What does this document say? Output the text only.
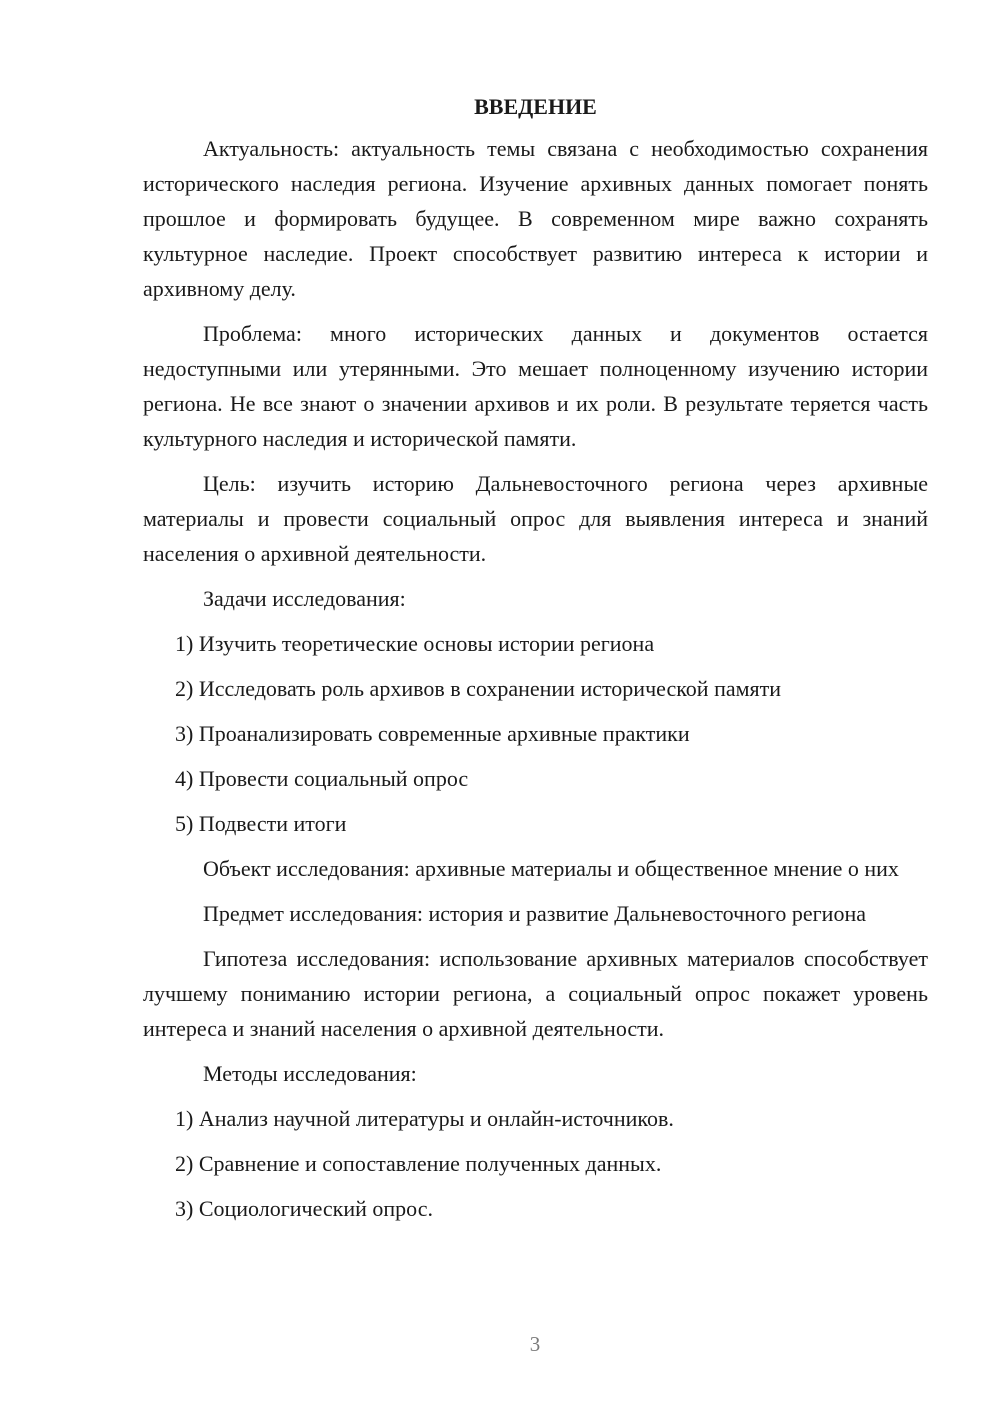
ВВЕДЕНИЕ

Актуальность: актуальность темы связана с необходимостью сохранения исторического наследия региона. Изучение архивных данных помогает понять прошлое и формировать будущее. В современном мире важно сохранять культурное наследие. Проект способствует развитию интереса к истории и архивному делу.

Проблема: много исторических данных и документов остается недоступными или утерянными. Это мешает полноценному изучению истории региона. Не все знают о значении архивов и их роли. В результате теряется часть культурного наследия и исторической памяти.

Цель: изучить историю Дальневосточного региона через архивные материалы и провести социальный опрос для выявления интереса и знаний населения о архивной деятельности.

Задачи исследования:

1) Изучить теоретические основы истории региона
2) Исследовать роль архивов в сохранении исторической памяти
3) Проанализировать современные архивные практики
4) Провести социальный опрос
5) Подвести итоги

Объект исследования: архивные материалы и общественное мнение о них

Предмет исследования: история и развитие Дальневосточного региона

Гипотеза исследования: использование архивных материалов способствует лучшему пониманию истории региона, а социальный опрос покажет уровень интереса и знаний населения о архивной деятельности.

Методы исследования:

1) Анализ научной литературы и онлайн-источников.
2) Сравнение и сопоставление полученных данных.
3) Социологический опрос.
3
